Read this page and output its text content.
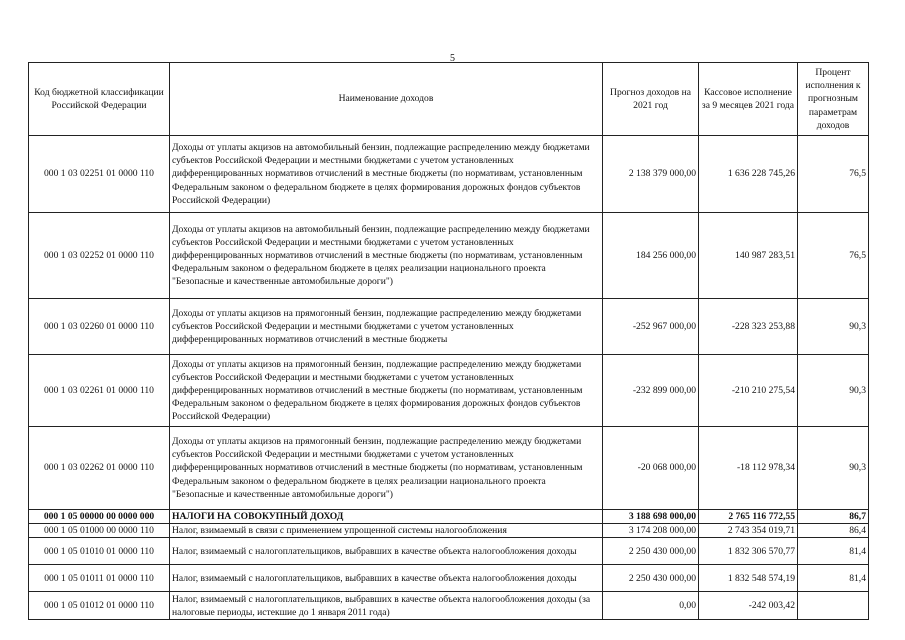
5
Код бюджетной классификации Российской Федерации	Наименование доходов	Прогноз доходов на 2021 год	Кассовое исполнение за 9 месяцев 2021 года	Процент исполнения к прогнозным параметрам доходов
000 1 03 02251 01 0000 110	Доходы от уплаты акцизов на автомобильный бензин, подлежащие распределению между бюджетами субъектов Российской Федерации и местными бюджетами с учетом установленных дифференцированных нормативов отчислений в местные бюджеты (по нормативам, установленным Федеральным законом о федеральном бюджете в целях формирования дорожных фондов субъектов Российской Федерации)	2 138 379 000,00	1 636 228 745,26	76,5
000 1 03 02252 01 0000 110	Доходы от уплаты акцизов на автомобильный бензин, подлежащие распределению между бюджетами субъектов Российской Федерации и местными бюджетами с учетом установленных дифференцированных нормативов отчислений в местные бюджеты (по нормативам, установленным Федеральным законом о федеральном бюджете в целях реализации национального проекта "Безопасные и качественные автомобильные дороги")	184 256 000,00	140 987 283,51	76,5
000 1 03 02260 01 0000 110	Доходы от уплаты акцизов на прямогонный бензин, подлежащие распределению между бюджетами субъектов Российской Федерации и местными бюджетами с учетом установленных дифференцированных нормативов отчислений в местные бюджеты	-252 967 000,00	-228 323 253,88	90,3
000 1 03 02261 01 0000 110	Доходы от уплаты акцизов на прямогонный бензин, подлежащие распределению между бюджетами субъектов Российской Федерации и местными бюджетами с учетом установленных дифференцированных нормативов отчислений в местные бюджеты (по нормативам, установленным Федеральным законом о федеральном бюджете в целях формирования дорожных фондов субъектов Российской Федерации)	-232 899 000,00	-210 210 275,54	90,3
000 1 03 02262 01 0000 110	Доходы от уплаты акцизов на прямогонный бензин, подлежащие распределению между бюджетами субъектов Российской Федерации и местными бюджетами с учетом установленных дифференцированных нормативов отчислений в местные бюджеты (по нормативам, установленным Федеральным законом о федеральном бюджете в целях реализации национального проекта "Безопасные и качественные автомобильные дороги")	-20 068 000,00	-18 112 978,34	90,3
000 1 05 00000 00 0000 000	НАЛОГИ НА СОВОКУПНЫЙ ДОХОД	3 188 698 000,00	2 765 116 772,55	86,7
000 1 05 01000 00 0000 110	Налог, взимаемый в связи с применением упрощенной системы налогообложения	3 174 208 000,00	2 743 354 019,71	86,4
000 1 05 01010 01 0000 110	Налог, взимаемый с налогоплательщиков, выбравших в качестве объекта налогообложения доходы	2 250 430 000,00	1 832 306 570,77	81,4
000 1 05 01011 01 0000 110	Налог, взимаемый с налогоплательщиков, выбравших в качестве объекта налогообложения доходы	2 250 430 000,00	1 832 548 574,19	81,4
000 1 05 01012 01 0000 110	Налог, взимаемый с налогоплательщиков, выбравших в качестве объекта налогообложения доходы (за налоговые периоды, истекшие до 1 января 2011 года)	0,00	-242 003,42	
